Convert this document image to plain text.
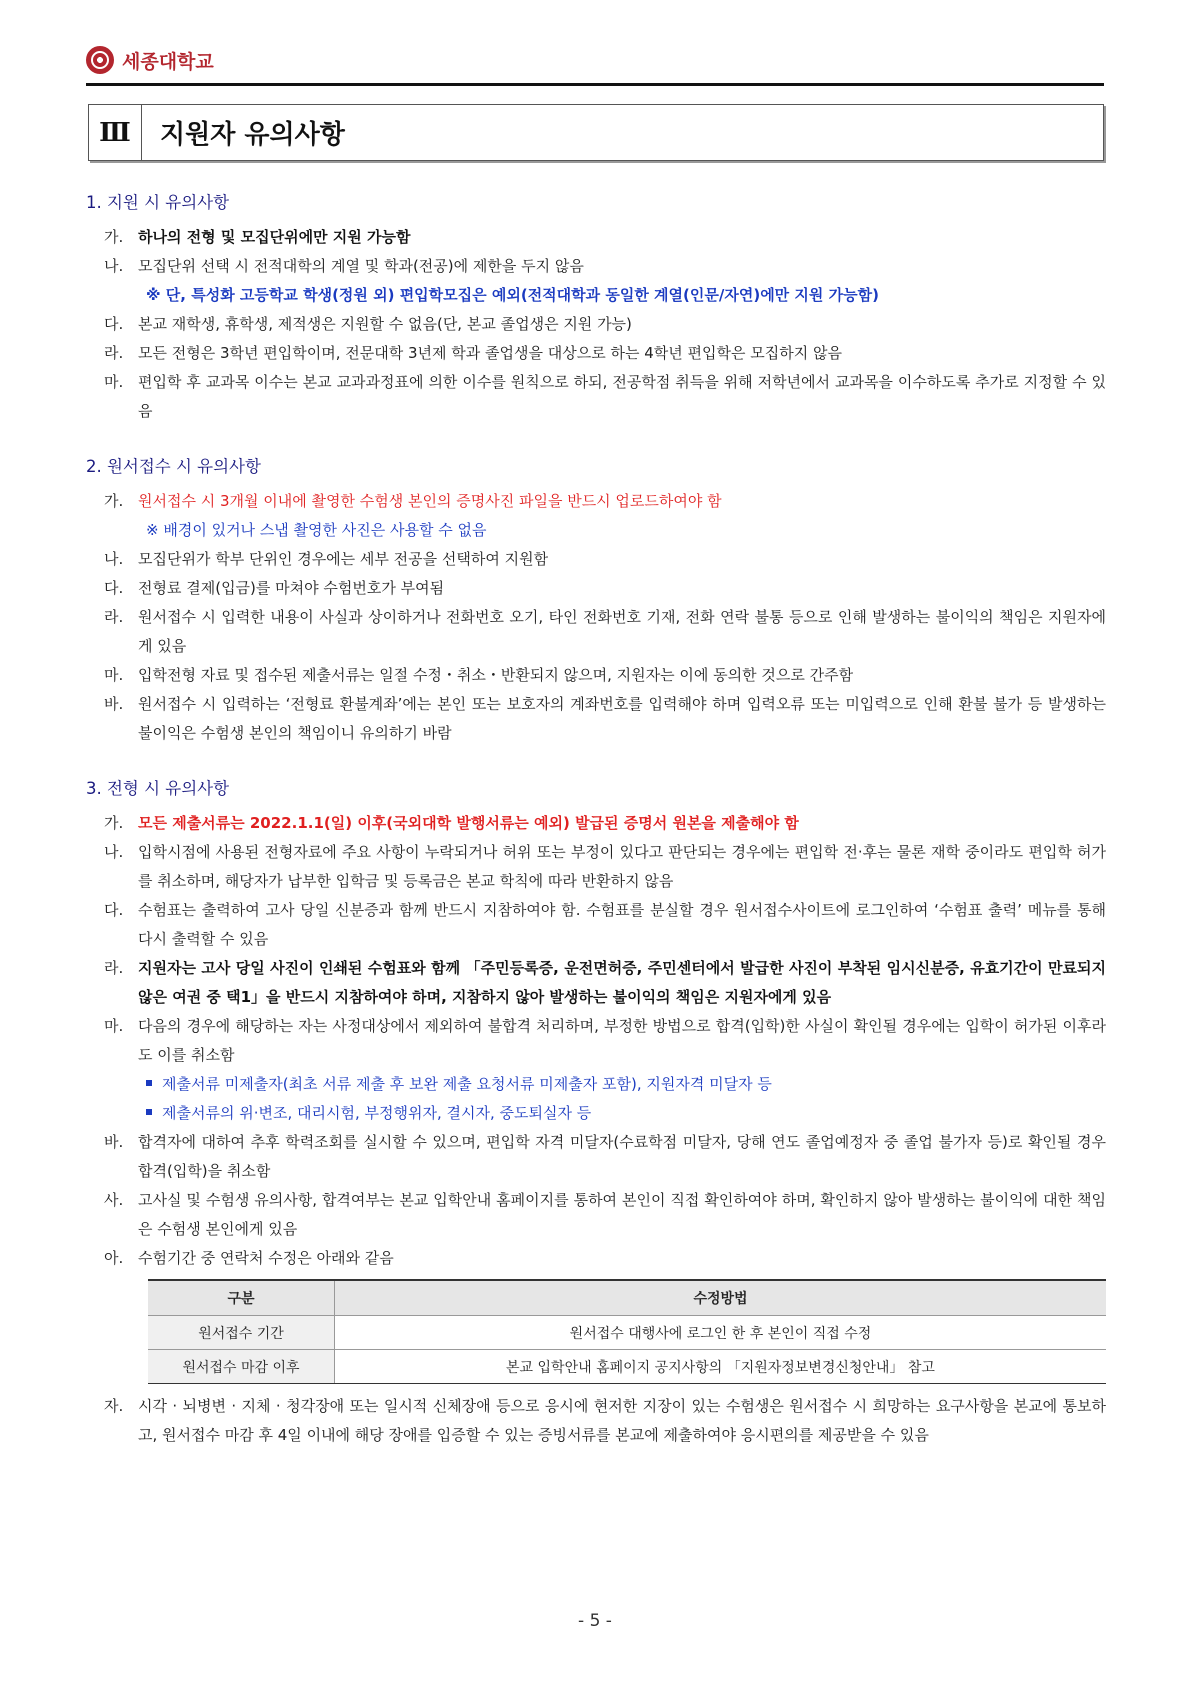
세종대학교
Ⅲ	지원자 유의사항
1. 지원 시 유의사항
가. 하나의 전형 및 모집단위에만 지원 가능함
나. 모집단위 선택 시 전적대학의 계열 및 학과(전공)에 제한을 두지 않음
※ 단, 특성화 고등학교 학생(정원 외) 편입학모집은 예외(전적대학과 동일한 계열(인문/자연)에만 지원 가능함)
다. 본교 재학생, 휴학생, 제적생은 지원할 수 없음(단, 본교 졸업생은 지원 가능)
라. 모든 전형은 3학년 편입학이며, 전문대학 3년제 학과 졸업생을 대상으로 하는 4학년 편입학은 모집하지 않음
마. 편입학 후 교과목 이수는 본교 교과과정표에 의한 이수를 원칙으로 하되, 전공학점 취득을 위해 저학년에서 교과목을 이수하도록 추가로 지정할 수 있음
2. 원서접수 시 유의사항
가. 원서접수 시 3개월 이내에 촬영한 수험생 본인의 증명사진 파일을 반드시 업로드하여야 함
※ 배경이 있거나 스냅 촬영한 사진은 사용할 수 없음
나. 모집단위가 학부 단위인 경우에는 세부 전공을 선택하여 지원함
다. 전형료 결제(입금)를 마쳐야 수험번호가 부여됨
라. 원서접수 시 입력한 내용이 사실과 상이하거나 전화번호 오기, 타인 전화번호 기재, 전화 연락 불통 등으로 인해 발생하는 불이익의 책임은 지원자에게 있음
마. 입학전형 자료 및 접수된 제출서류는 일절 수정・취소・반환되지 않으며, 지원자는 이에 동의한 것으로 간주함
바. 원서접수 시 입력하는 ‘전형료 환불계좌’에는 본인 또는 보호자의 계좌번호를 입력해야 하며 입력오류 또는 미입력으로 인해 환불 불가 등 발생하는 불이익은 수험생 본인의 책임이니 유의하기 바람
3. 전형 시 유의사항
가. 모든 제출서류는 2022.1.1(일) 이후(국외대학 발행서류는 예외) 발급된 증명서 원본을 제출해야 함
나. 입학시점에 사용된 전형자료에 주요 사항이 누락되거나 허위 또는 부정이 있다고 판단되는 경우에는 편입학 전·후는 물론 재학 중이라도 편입학 허가를 취소하며, 해당자가 납부한 입학금 및 등록금은 본교 학칙에 따라 반환하지 않음
다. 수험표는 출력하여 고사 당일 신분증과 함께 반드시 지참하여야 함. 수험표를 분실할 경우 원서접수사이트에 로그인하여 ‘수험표 출력’ 메뉴를 통해 다시 출력할 수 있음
라. 지원자는 고사 당일 사진이 인쇄된 수험표와 함께 「주민등록증, 운전면허증, 주민센터에서 발급한 사진이 부착된 임시신분증, 유효기간이 만료되지 않은 여권 중 택1」을 반드시 지참하여야 하며, 지참하지 않아 발생하는 불이익의 책임은 지원자에게 있음
마. 다음의 경우에 해당하는 자는 사정대상에서 제외하여 불합격 처리하며, 부정한 방법으로 합격(입학)한 사실이 확인될 경우에는 입학이 허가된 이후라도 이를 취소함
제출서류 미제출자(최초 서류 제출 후 보완 제출 요청서류 미제출자 포함), 지원자격 미달자 등
제출서류의 위·변조, 대리시험, 부정행위자, 결시자, 중도퇴실자 등
바. 합격자에 대하여 추후 학력조회를 실시할 수 있으며, 편입학 자격 미달자(수료학점 미달자, 당해 연도 졸업예정자 중 졸업 불가자 등)로 확인될 경우 합격(입학)을 취소함
사. 고사실 및 수험생 유의사항, 합격여부는 본교 입학안내 홈페이지를 통하여 본인이 직접 확인하여야 하며, 확인하지 않아 발생하는 불이익에 대한 책임은 수험생 본인에게 있음
아. 수험기간 중 연락처 수정은 아래와 같음
구분	수정방법
원서접수 기간	원서접수 대행사에 로그인 한 후 본인이 직접 수정
원서접수 마감 이후	본교 입학안내 홈페이지 공지사항의 「지원자정보변경신청안내」 참고
자. 시각 · 뇌병변 · 지체 · 청각장애 또는 일시적 신체장애 등으로 응시에 현저한 지장이 있는 수험생은 원서접수 시 희망하는 요구사항을 본교에 통보하고, 원서접수 마감 후 4일 이내에 해당 장애를 입증할 수 있는 증빙서류를 본교에 제출하여야 응시편의를 제공받을 수 있음
- 5 -
